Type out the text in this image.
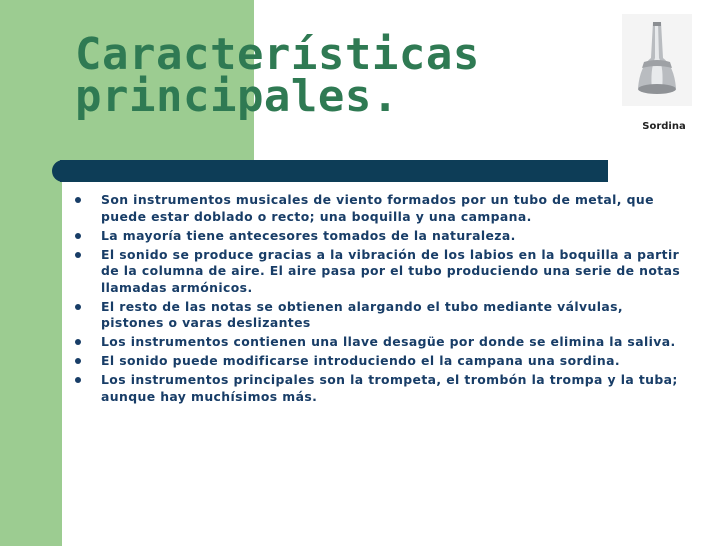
Características
principales.
Sordina
Son instrumentos musicales de viento formados por un tubo de metal, que puede estar doblado o recto; una boquilla y una campana.
La mayoría tiene antecesores tomados de la naturaleza.
El sonido se produce gracias a la vibración de los labios en la boquilla a partir de la columna de aire. El aire pasa por el tubo produciendo una serie de notas llamadas armónicos.
El resto de las notas se obtienen alargando el tubo mediante válvulas, pistones o varas deslizantes
Los instrumentos contienen una llave desagüe por donde se elimina la saliva.
El sonido puede modificarse introduciendo el la campana una sordina.
Los instrumentos principales son la trompeta, el trombón la trompa y la tuba; aunque hay muchísimos más.
